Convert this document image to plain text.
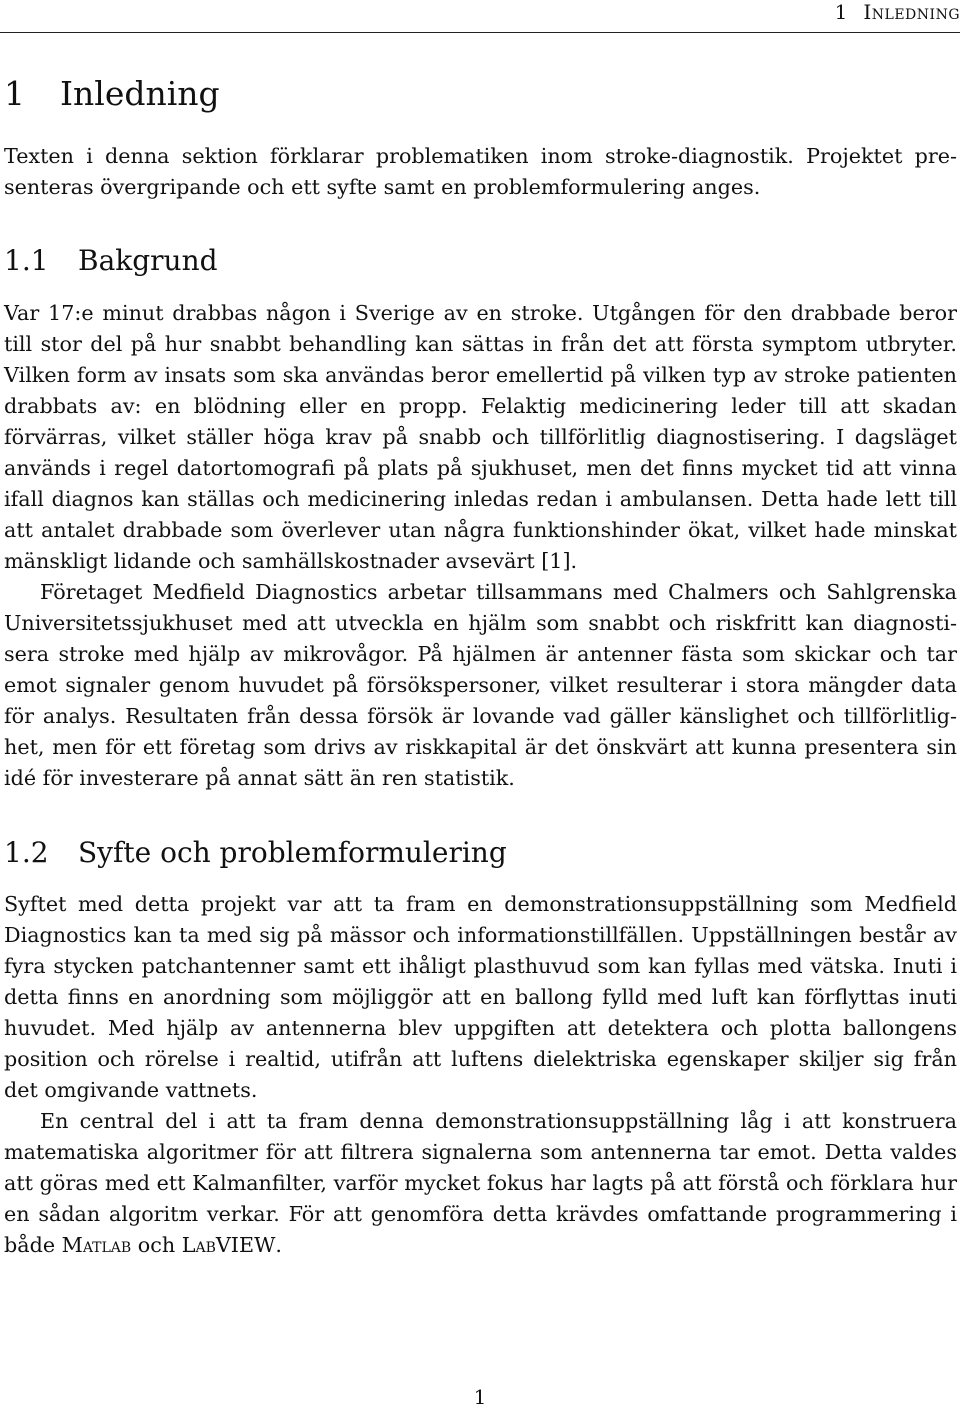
1 Inledning
1 Inledning

Texten i denna sektion förklarar problematiken inom stroke-diagnostik. Projektet presenteras övergripande och ett syfte samt en problemformulering anges.

1.1 Bakgrund

Var 17:e minut drabbas någon i Sverige av en stroke. Utgången för den drabbade beror till stor del på hur snabbt behandling kan sättas in från det att första symptom utbryter. Vilken form av insats som ska användas beror emellertid på vilken typ av stroke patienten drabbats av: en blödning eller en propp. Felaktig medicinering leder till att skadan förvärras, vilket ställer höga krav på snabb och tillförlitlig diagnostisering. I dagsläget används i regel datortomografi på plats på sjukhuset, men det finns mycket tid att vinna ifall diagnos kan ställas och medicinering inledas redan i ambulansen. Detta hade lett till att antalet drabbade som överlever utan några funktionshinder ökat, vilket hade minskat mänskligt lidande och samhällskostnader avsevärt [1].

Företaget Medfield Diagnostics arbetar tillsammans med Chalmers och Sahlgrenska Universitetssjukhuset med att utveckla en hjälm som snabbt och riskfritt kan diagnostisera stroke med hjälp av mikrovågor. På hjälmen är antenner fästa som skickar och tar emot signaler genom huvudet på försökspersoner, vilket resulterar i stora mängder data för analys. Resultaten från dessa försök är lovande vad gäller känslighet och tillförlitlighet, men för ett företag som drivs av riskkapital är det önskvärt att kunna presentera sin idé för investerare på annat sätt än ren statistik.

1.2 Syfte och problemformulering

Syftet med detta projekt var att ta fram en demonstrationsuppställning som Medfield Diagnostics kan ta med sig på mässor och informationstillfällen. Uppställningen består av fyra stycken patchantenner samt ett ihåligt plasthuvud som kan fyllas med vätska. Inuti i detta finns en anordning som möjliggör att en ballong fylld med luft kan förflyttas inuti huvudet. Med hjälp av antennerna blev uppgiften att detektera och plotta ballongens position och rörelse i realtid, utifrån att luftens dielektriska egenskaper skiljer sig från det omgivande vattnets.

En central del i att ta fram denna demonstrationsuppställning låg i att konstruera matematiska algoritmer för att filtrera signalerna som antennerna tar emot. Detta valdes att göras med ett Kalmanfilter, varför mycket fokus har lagts på att förstå och förklara hur en sådan algoritm verkar. För att genomföra detta krävdes omfattande programmering i både Matlab och LabVIEW.

1
